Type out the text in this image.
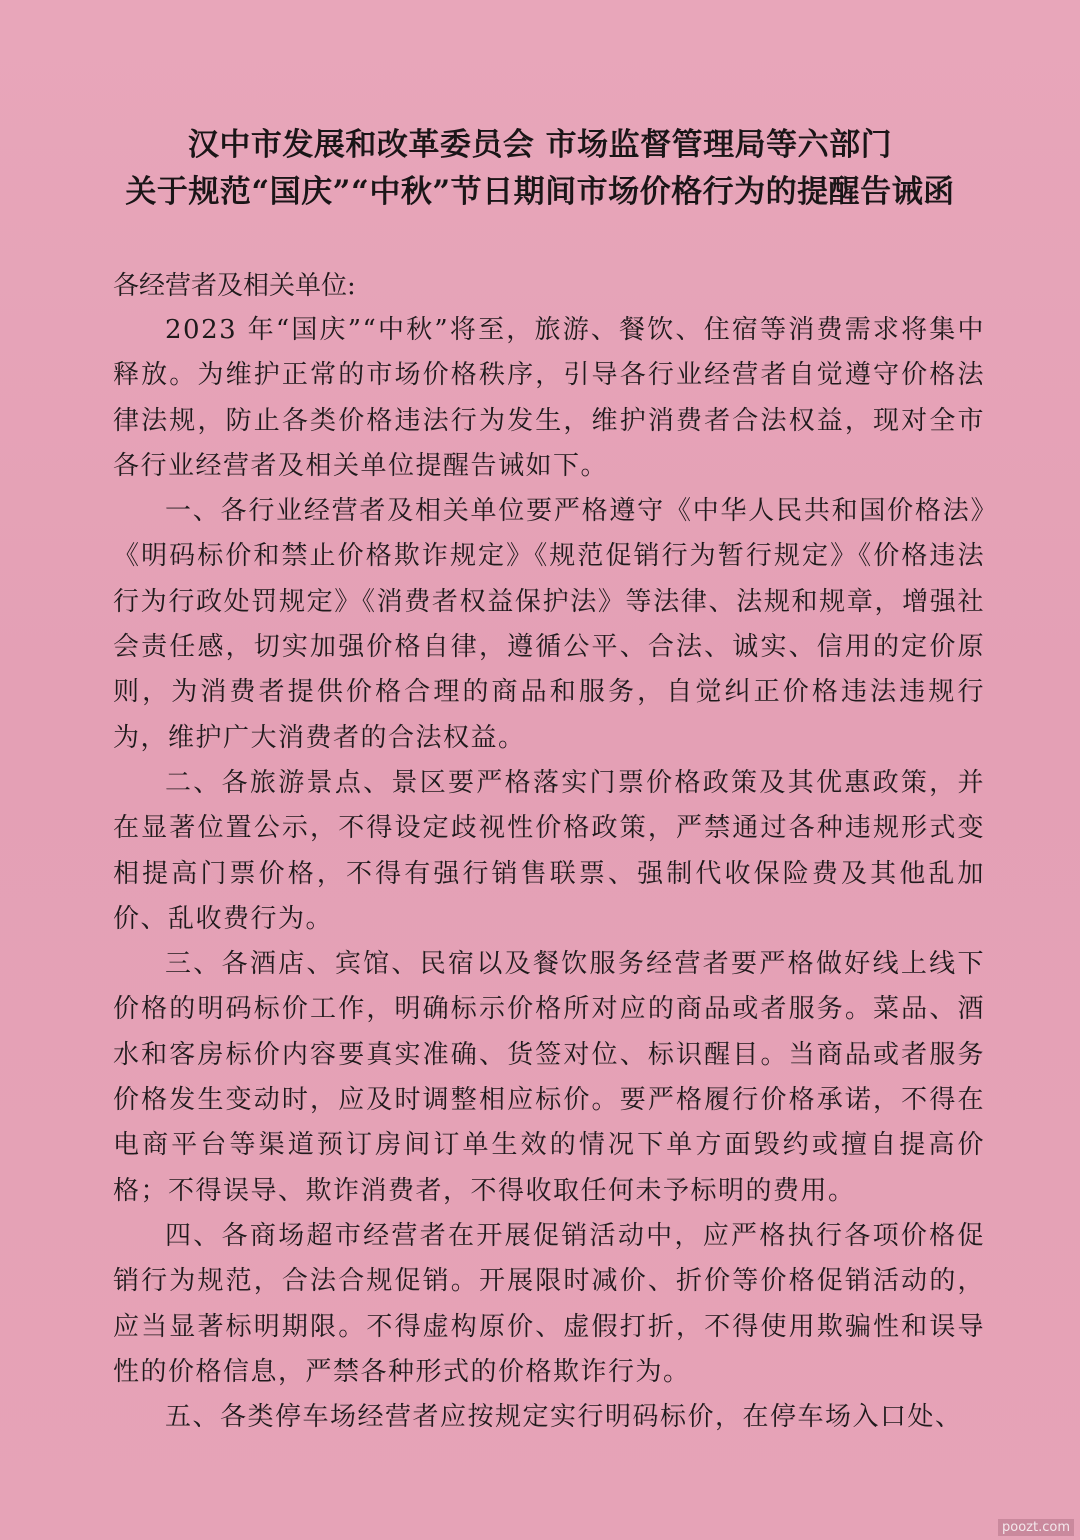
汉中市发展和改革委员会 市场监督管理局等六部门
关于规范“国庆”“中秋”节日期间市场价格行为的提醒告诫函
各经营者及相关单位:

2023 年“国庆”“中秋”将至，旅游、餐饮、住宿等消费需求将集中释放。为维护正常的市场价格秩序，引导各行业经营者自觉遵守价格法律法规，防止各类价格违法行为发生，维护消费者合法权益，现对全市各行业经营者及相关单位提醒告诫如下。

一、各行业经营者及相关单位要严格遵守《中华人民共和国价格法》《明码标价和禁止价格欺诈规定》《规范促销行为暂行规定》《价格违法行为行政处罚规定》《消费者权益保护法》等法律、法规和规章，增强社会责任感，切实加强价格自律，遵循公平、合法、诚实、信用的定价原则，为消费者提供价格合理的商品和服务，自觉纠正价格违法违规行为，维护广大消费者的合法权益。

二、各旅游景点、景区要严格落实门票价格政策及其优惠政策，并在显著位置公示，不得设定歧视性价格政策，严禁通过各种违规形式变相提高门票价格，不得有强行销售联票、强制代收保险费及其他乱加价、乱收费行为。

三、各酒店、宾馆、民宿以及餐饮服务经营者要严格做好线上线下价格的明码标价工作，明确标示价格所对应的商品或者服务。菜品、酒水和客房标价内容要真实准确、货签对位、标识醒目。当商品或者服务价格发生变动时，应及时调整相应标价。要严格履行价格承诺，不得在电商平台等渠道预订房间订单生效的情况下单方面毁约或擅自提高价格；不得误导、欺诈消费者，不得收取任何未予标明的费用。

四、各商场超市经营者在开展促销活动中，应严格执行各项价格促销行为规范，合法合规促销。开展限时减价、折价等价格促销活动的，应当显著标明期限。不得虚构原价、虚假打折，不得使用欺骗性和误导性的价格信息，严禁各种形式的价格欺诈行为。

五、各类停车场经营者应按规定实行明码标价，在停车场入口处、

poozt.com
